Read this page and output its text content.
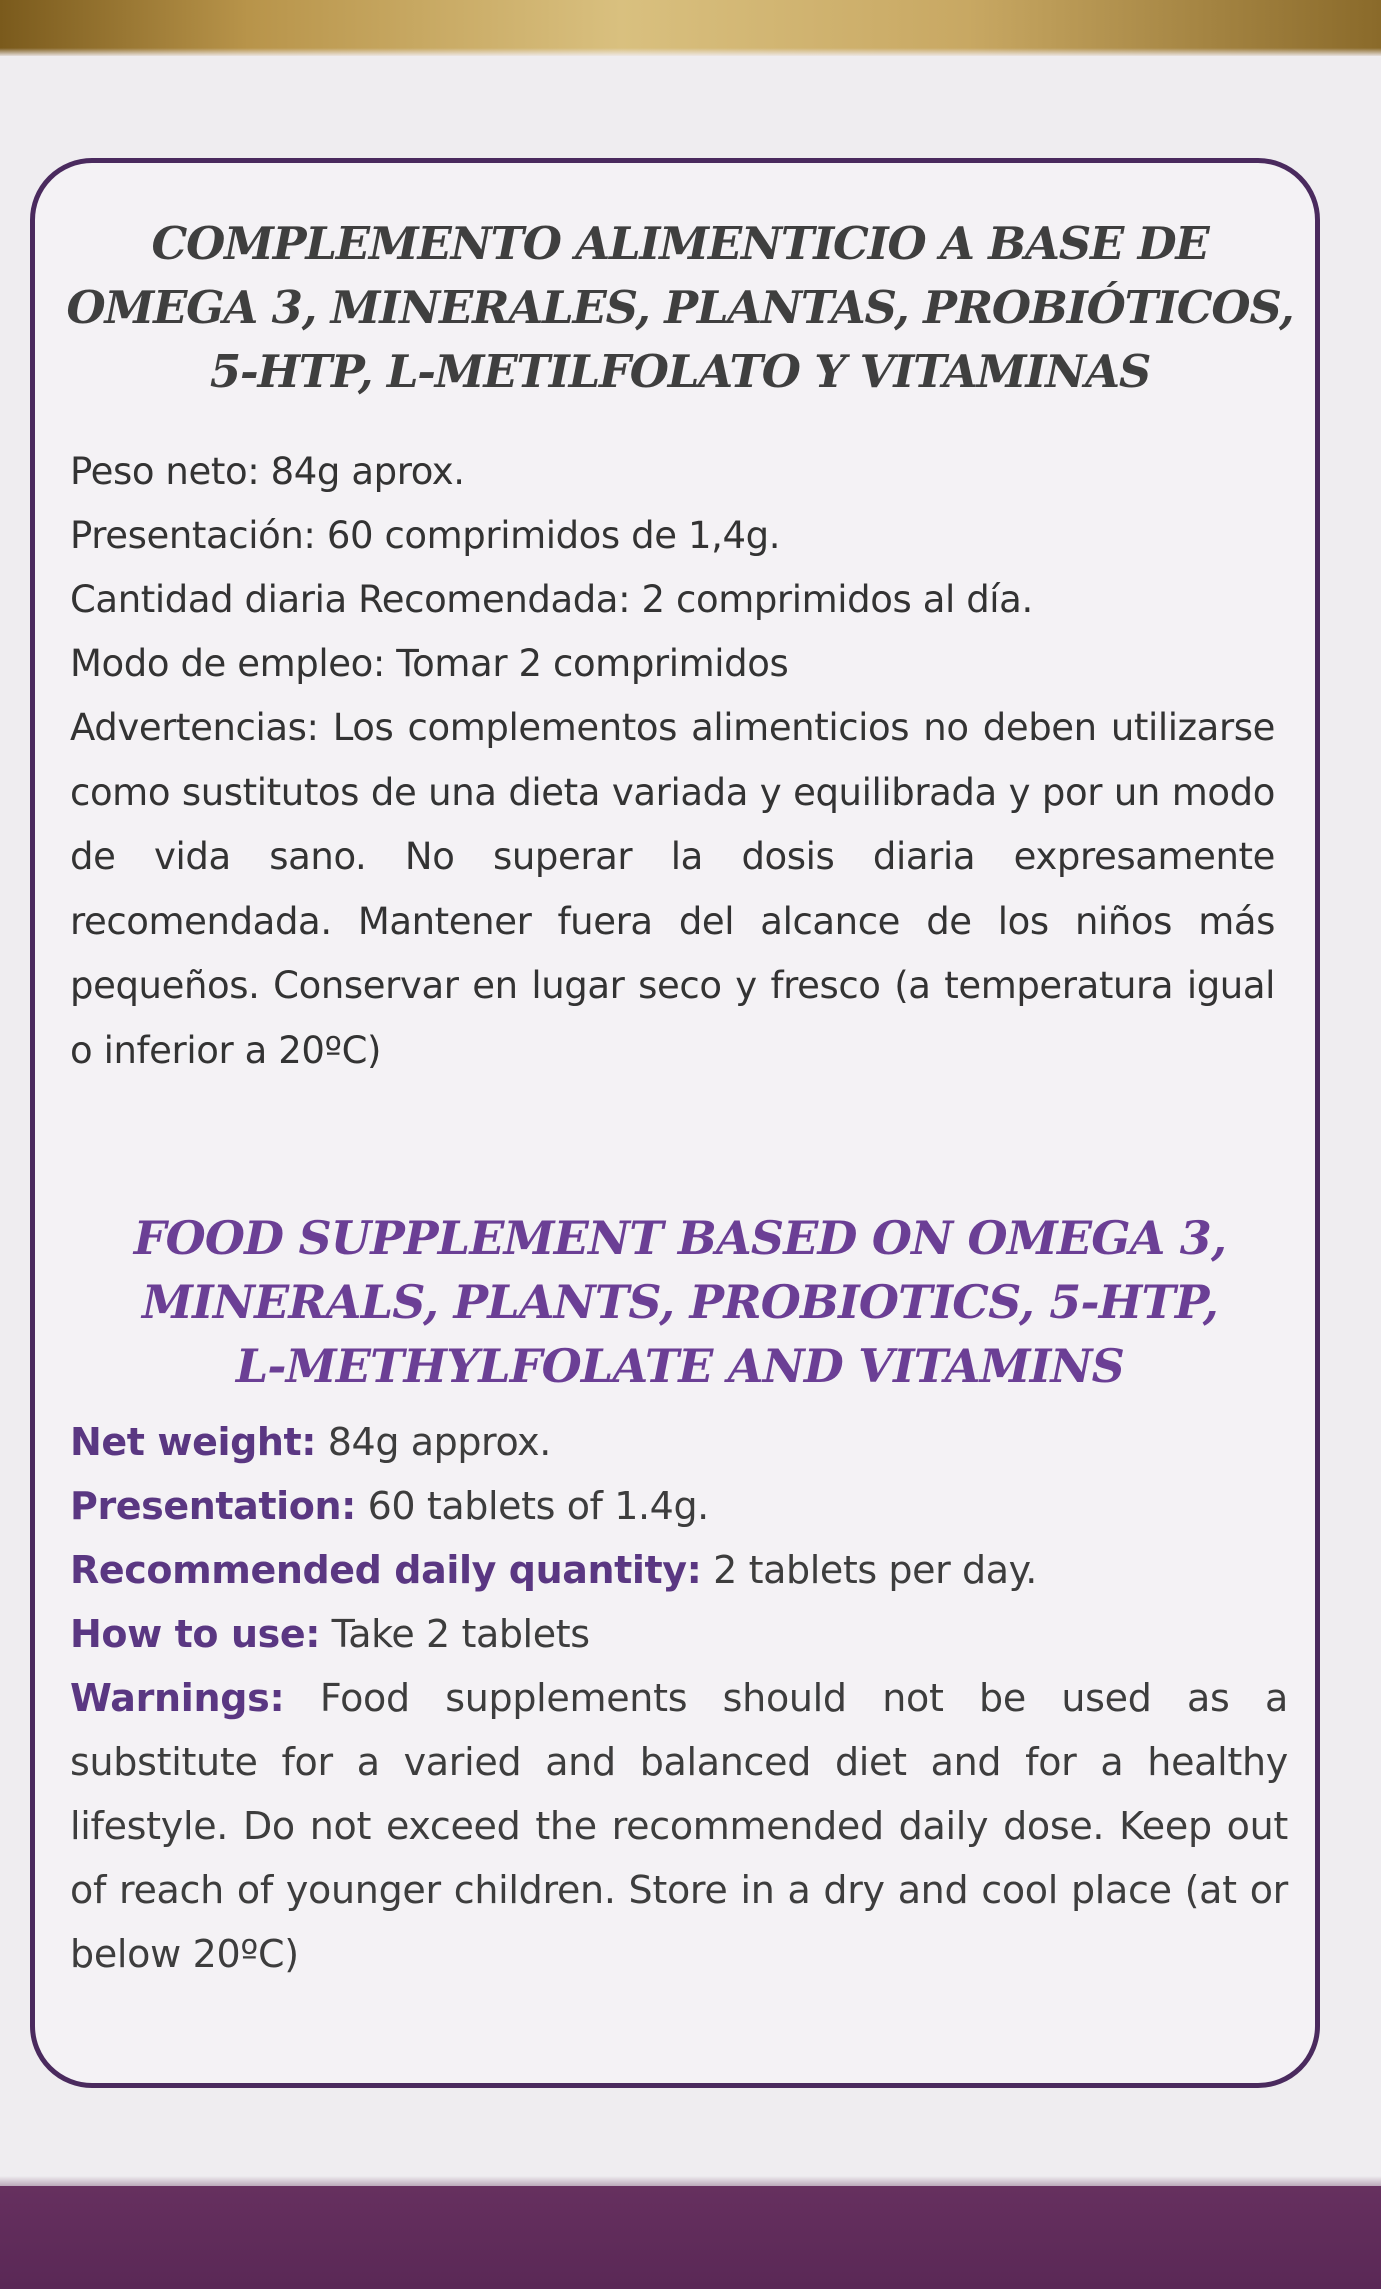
COMPLEMENTO ALIMENTICIO A BASE DE
OMEGA 3, MINERALES, PLANTAS, PROBIÓTICOS,
5-HTP, L-METILFOLATO Y VITAMINAS
Peso neto: 84g aprox.
Presentación: 60 comprimidos de 1,4g.
Cantidad diaria Recomendada: 2 comprimidos al día.
Modo de empleo: Tomar 2 comprimidos
Advertencias: Los complementos alimenticios no deben utilizarse como sustitutos de una dieta variada y equilibrada y por un modo de vida sano. No superar la dosis diaria expresamente recomendada. Mantener fuera del alcance de los niños más pequeños. Conservar en lugar seco y fresco (a temperatura igual o inferior a 20ºC)
FOOD SUPPLEMENT BASED ON OMEGA 3,
MINERALS, PLANTS, PROBIOTICS, 5-HTP,
L-METHYLFOLATE AND VITAMINS
Net weight: 84g approx.
Presentation: 60 tablets of 1.4g.
Recommended daily quantity: 2 tablets per day.
How to use: Take 2 tablets
Warnings: Food supplements should not be used as a substitute for a varied and balanced diet and for a healthy lifestyle. Do not exceed the recommended daily dose. Keep out of reach of younger children. Store in a dry and cool place (at or below 20ºC)
